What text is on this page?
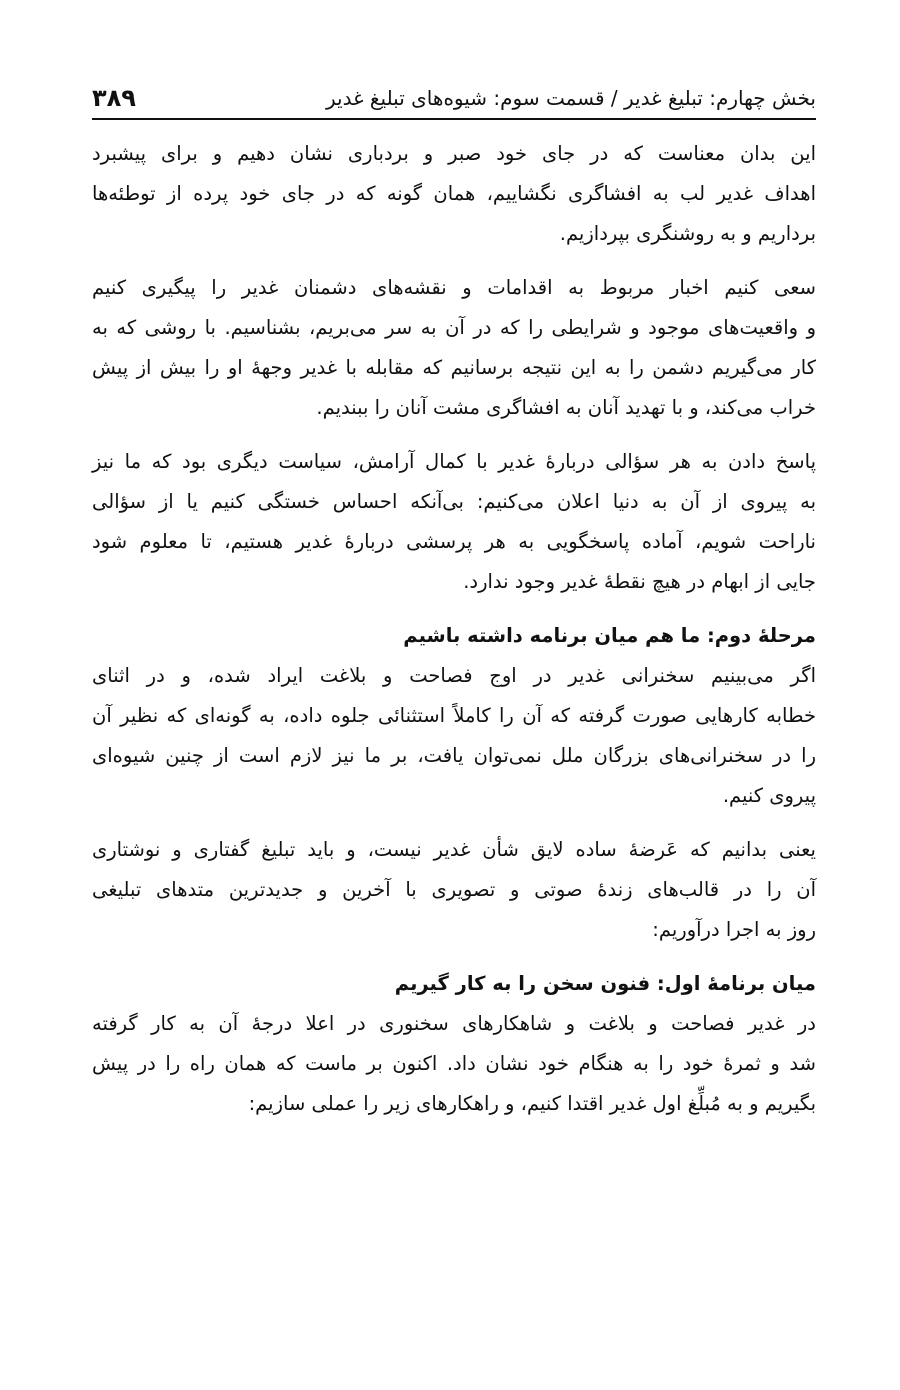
بخش چهارم: تبلیغ غدیر / قسمت سوم: شیوه‌های تبلیغ غدیر
۳۸۹
این بدان معناست که در جای خود صبر و بردباری نشان دهیم و برای پیشبرد
اهداف غدیر لب به افشاگری نگشاییم، همان گونه که در جای خود پرده از توطئه‌ها
برداریم و به روشنگری بپردازیم.
سعی کنیم اخبار مربوط به اقدامات و نقشه‌های دشمنان غدیر را پیگیری کنیم
و واقعیت‌های موجود و شرایطی را که در آن به سر می‌بریم، بشناسیم. با روشی که به
کار می‌گیریم دشمن را به این نتیجه برسانیم که مقابله با غدیر وجههٔ او را بیش از پیش
خراب می‌کند، و با تهدید آنان به افشاگری مشت آنان را ببندیم.
پاسخ دادن به هر سؤالی دربارهٔ غدیر با کمال آرامش، سیاست دیگری بود که ما نیز
به پیروی از آن به دنیا اعلان می‌کنیم: بی‌آنکه احساس خستگی کنیم یا از سؤالی
ناراحت شویم، آماده پاسخگویی به هر پرسشی دربارهٔ غدیر هستیم، تا معلوم شود
جایی از ابهام در هیچ نقطهٔ غدیر وجود ندارد.
مرحلهٔ دوم: ما هم میان برنامه داشته باشیم
اگر می‌بینیم سخنرانی غدیر در اوج فصاحت و بلاغت ایراد شده، و در اثنای
خطابه کارهایی صورت گرفته که آن را کاملاً استثنائی جلوه داده، به گونه‌ای که نظیر آن
را در سخنرانی‌های بزرگان ملل نمی‌توان یافت، بر ما نیز لازم است از چنین شیوه‌ای
پیروی کنیم.
یعنی بدانیم که عَرضهٔ ساده لایق شأن غدیر نیست، و باید تبلیغ گفتاری و نوشتاری
آن را در قالب‌های زندهٔ صوتی و تصویری با آخرین و جدیدترین متدهای تبلیغی
روز به اجرا درآوریم:
میان برنامهٔ اول: فنون سخن را به کار گیریم
در غدیر فصاحت و بلاغت و شاهکارهای سخنوری در اعلا درجهٔ آن به کار گرفته
شد و ثمرهٔ خود را به هنگام خود نشان داد. اکنون بر ماست که همان راه را در پیش
بگیریم و به مُبلِّغ اول غدیر اقتدا کنیم، و راهکارهای زیر را عملی سازیم:
